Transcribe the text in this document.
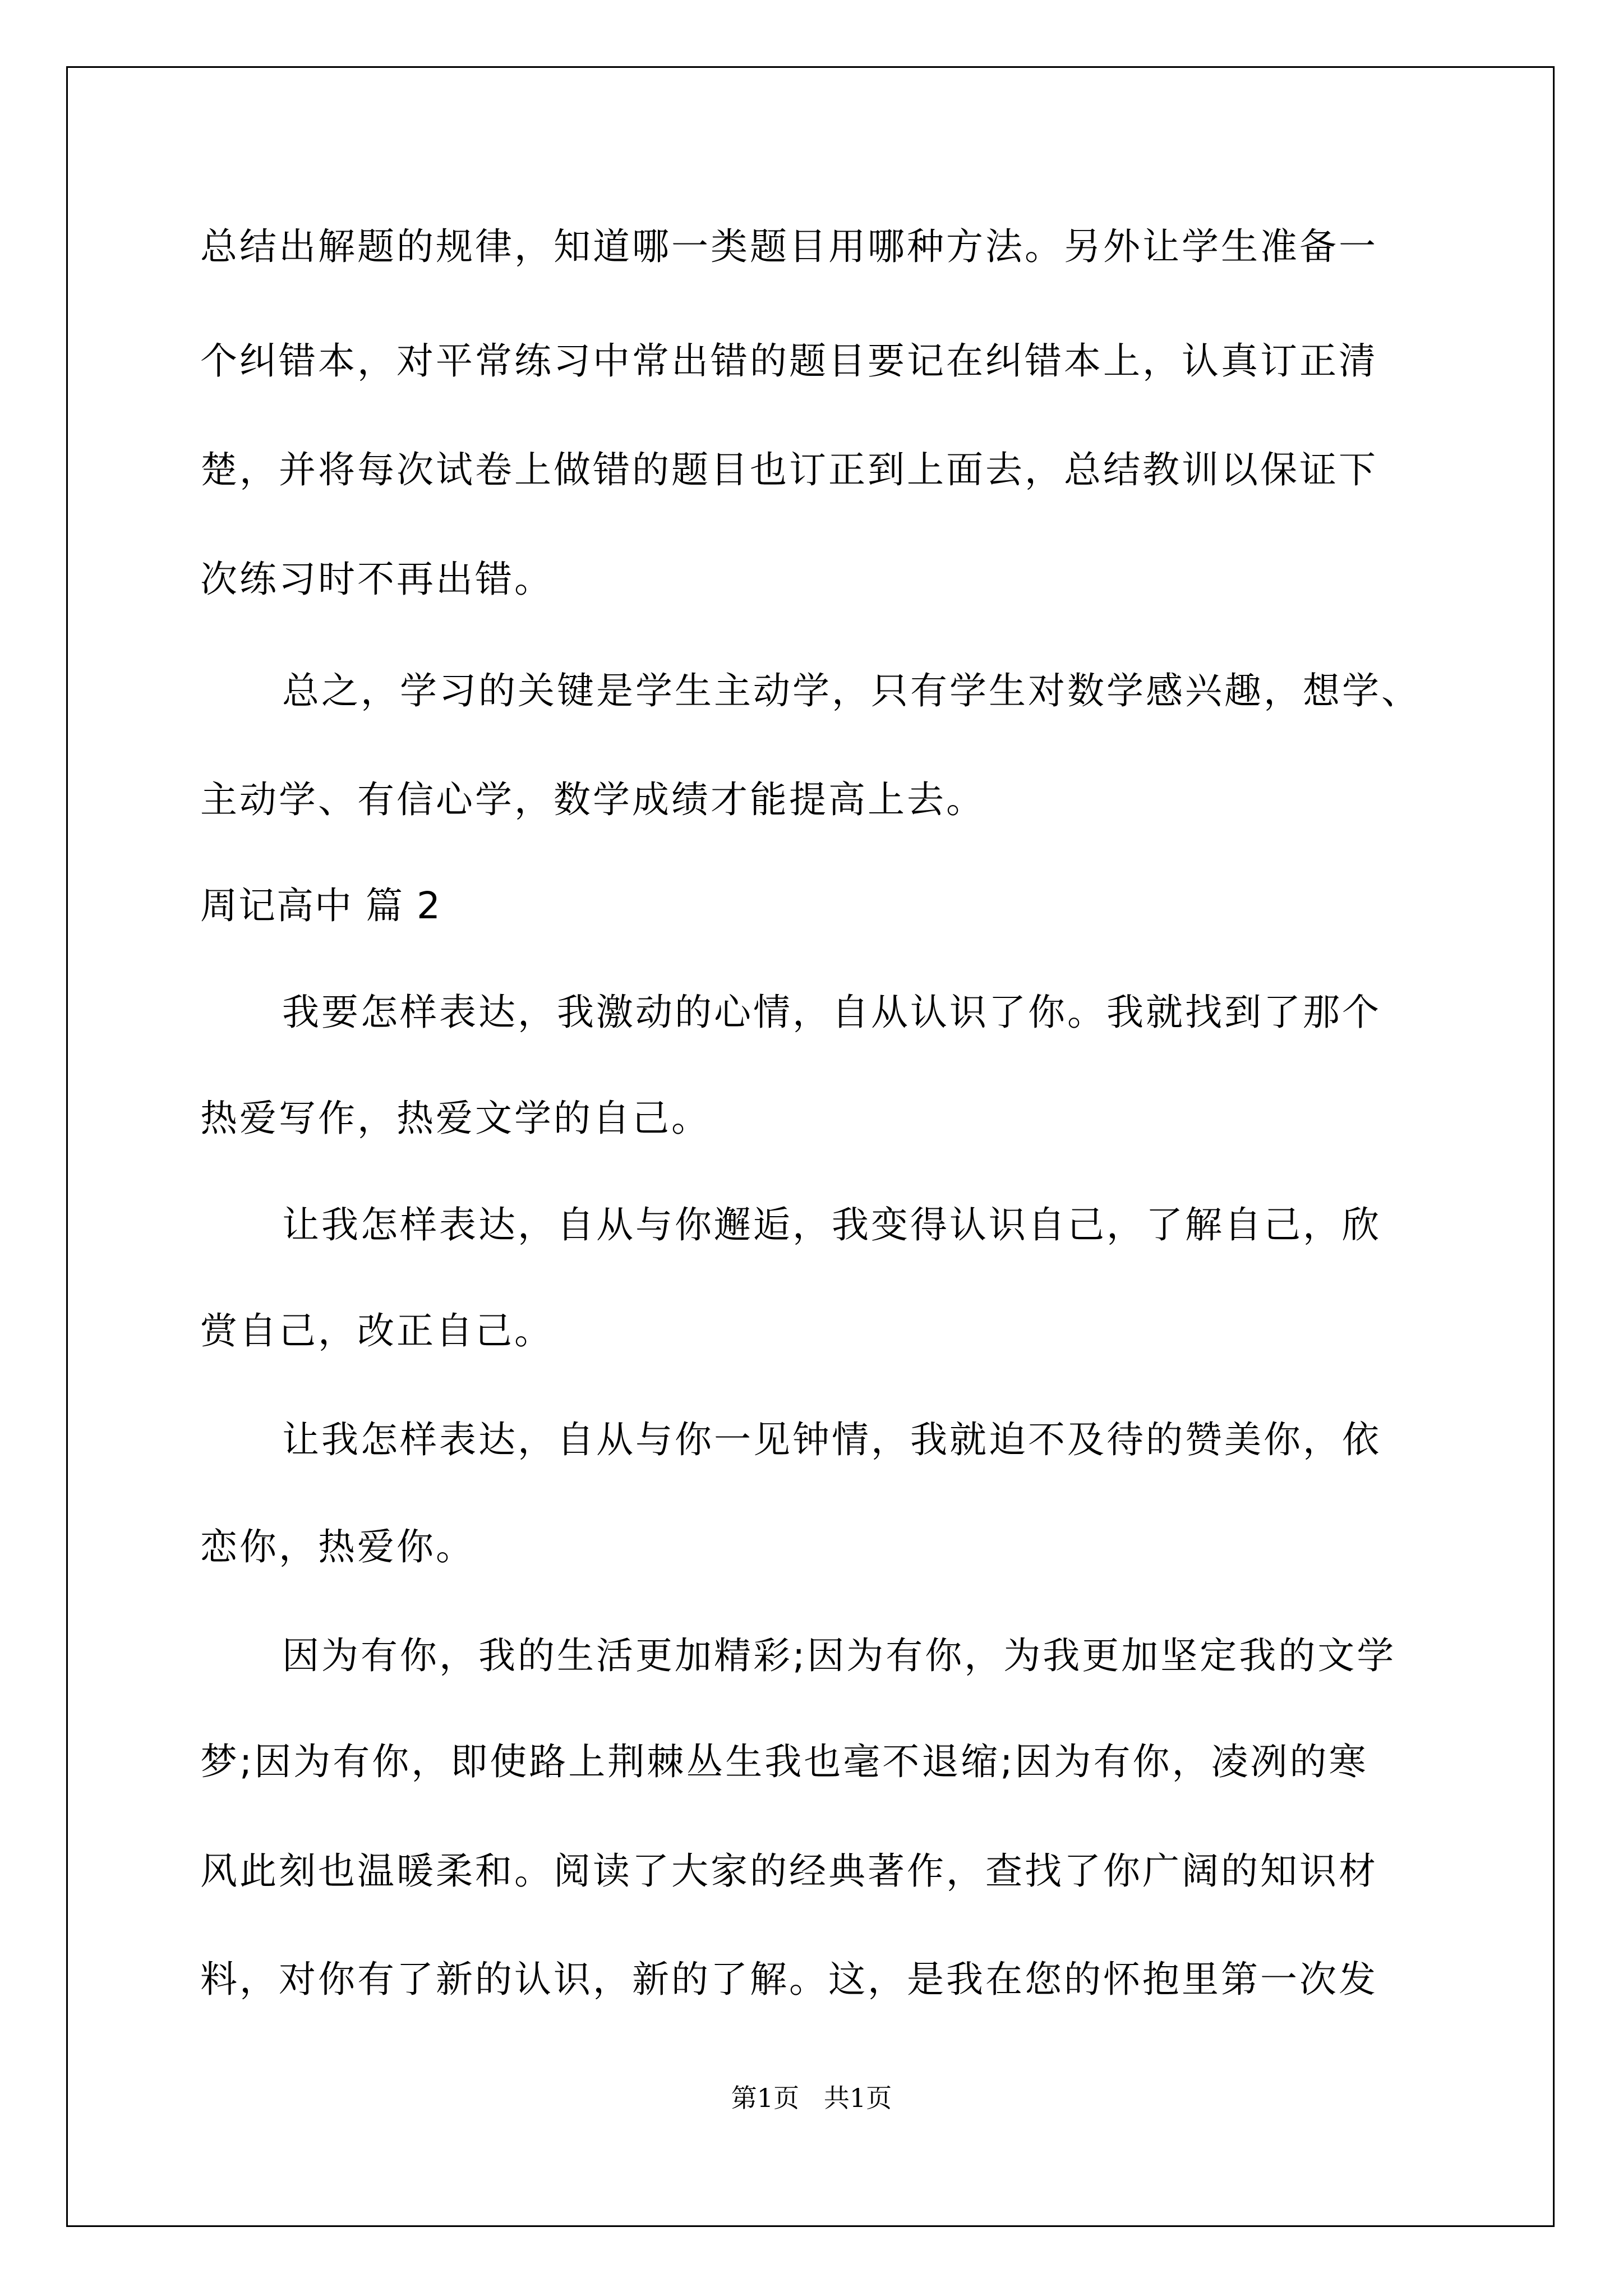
总结出解题的规律，知道哪一类题目用哪种方法。另外让学生准备一
个纠错本，对平常练习中常出错的题目要记在纠错本上，认真订正清
楚，并将每次试卷上做错的题目也订正到上面去，总结教训以保证下
次练习时不再出错。
总之，学习的关键是学生主动学，只有学生对数学感兴趣，想学、
主动学、有信心学，数学成绩才能提高上去。
周记高中 篇 2
我要怎样表达，我激动的心情，自从认识了你。我就找到了那个
热爱写作，热爱文学的自己。
让我怎样表达，自从与你邂逅，我变得认识自己，了解自己，欣
赏自己，改正自己。
让我怎样表达，自从与你一见钟情，我就迫不及待的赞美你，依
恋你，热爱你。
因为有你，我的生活更加精彩;因为有你，为我更加坚定我的文学
梦;因为有你，即使路上荆棘丛生我也毫不退缩;因为有你，凌冽的寒
风此刻也温暖柔和。阅读了大家的经典著作，查找了你广阔的知识材
料，对你有了新的认识，新的了解。这，是我在您的怀抱里第一次发
第1页   共1页
